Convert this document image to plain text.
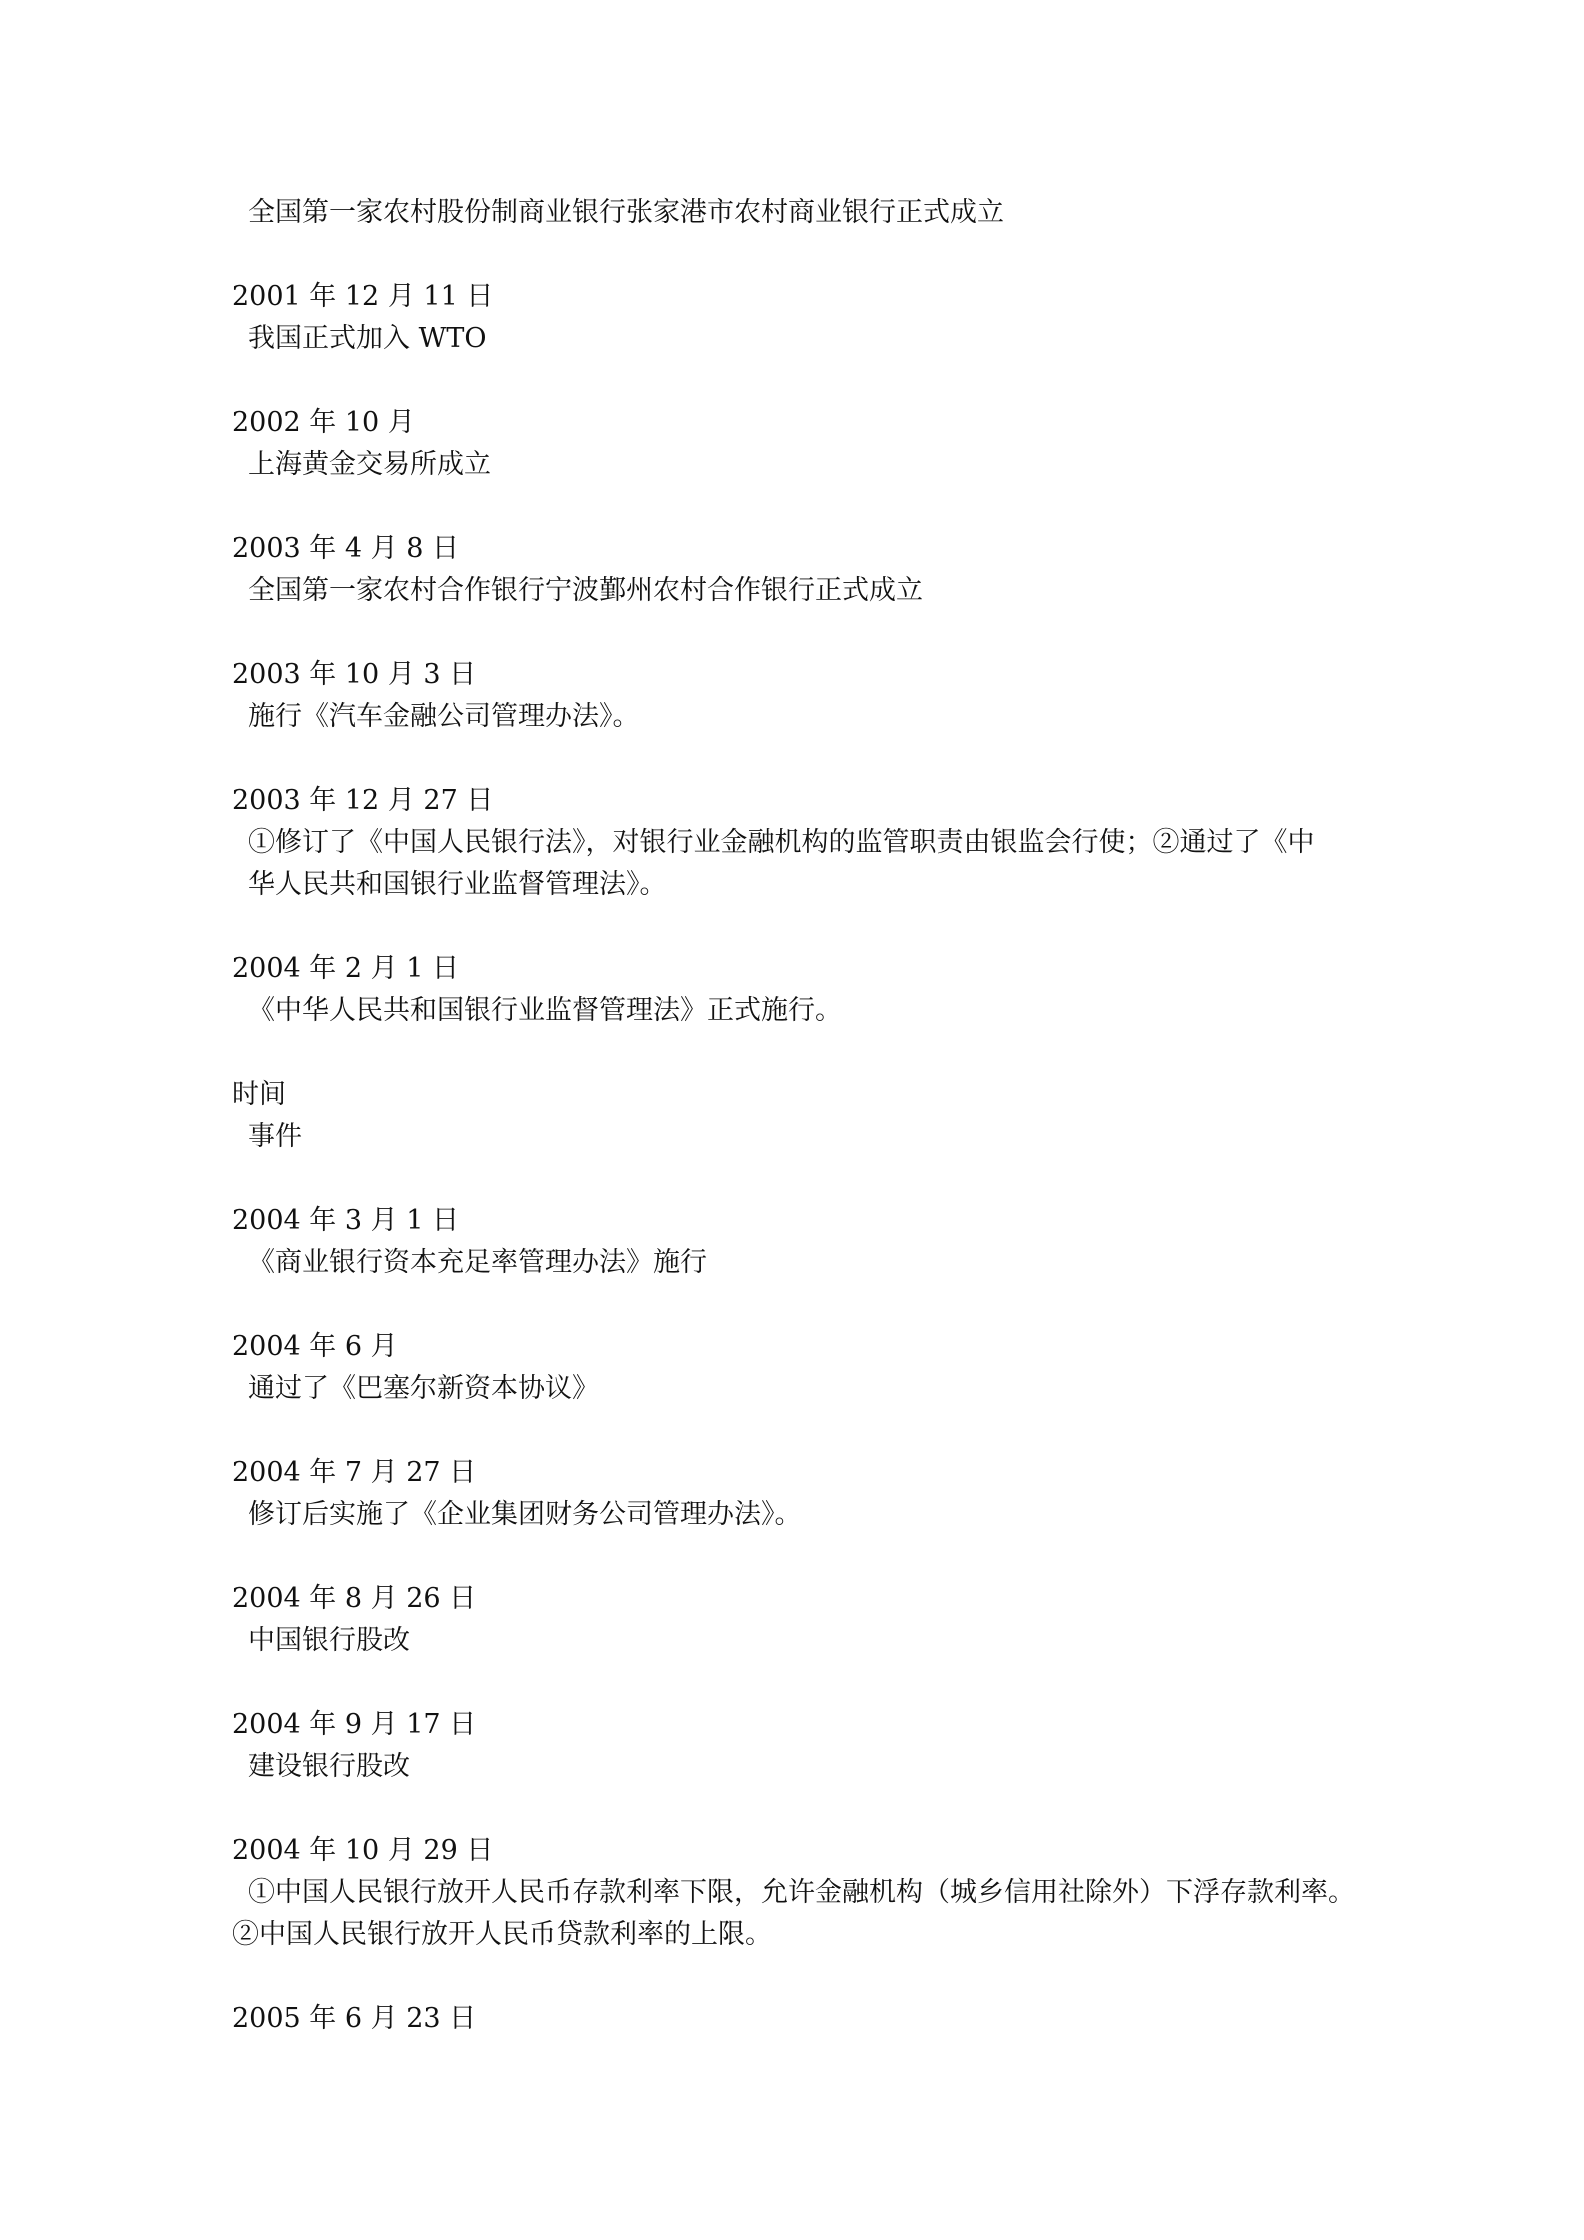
全国第一家农村股份制商业银行张家港市农村商业银行正式成立
2001 年 12 月 11 日
我国正式加入 WTO
2002 年 10 月
上海黄金交易所成立
2003 年 4 月 8 日
全国第一家农村合作银行宁波鄞州农村合作银行正式成立
2003 年 10 月 3 日
施行《汽车金融公司管理办法》。
2003 年 12 月 27 日
①修订了《中国人民银行法》，对银行业金融机构的监管职责由银监会行使；②通过了《中
华人民共和国银行业监督管理法》。
2004 年 2 月 1 日
《中华人民共和国银行业监督管理法》正式施行。
时间
事件
2004 年 3 月 1 日
《商业银行资本充足率管理办法》施行
2004 年 6 月
通过了《巴塞尔新资本协议》
2004 年 7 月 27 日
修订后实施了《企业集团财务公司管理办法》。
2004 年 8 月 26 日
中国银行股改
2004 年 9 月 17 日
建设银行股改
2004 年 10 月 29 日
①中国人民银行放开人民币存款利率下限，允许金融机构（城乡信用社除外）下浮存款利率。
②中国人民银行放开人民币贷款利率的上限。
2005 年 6 月 23 日
